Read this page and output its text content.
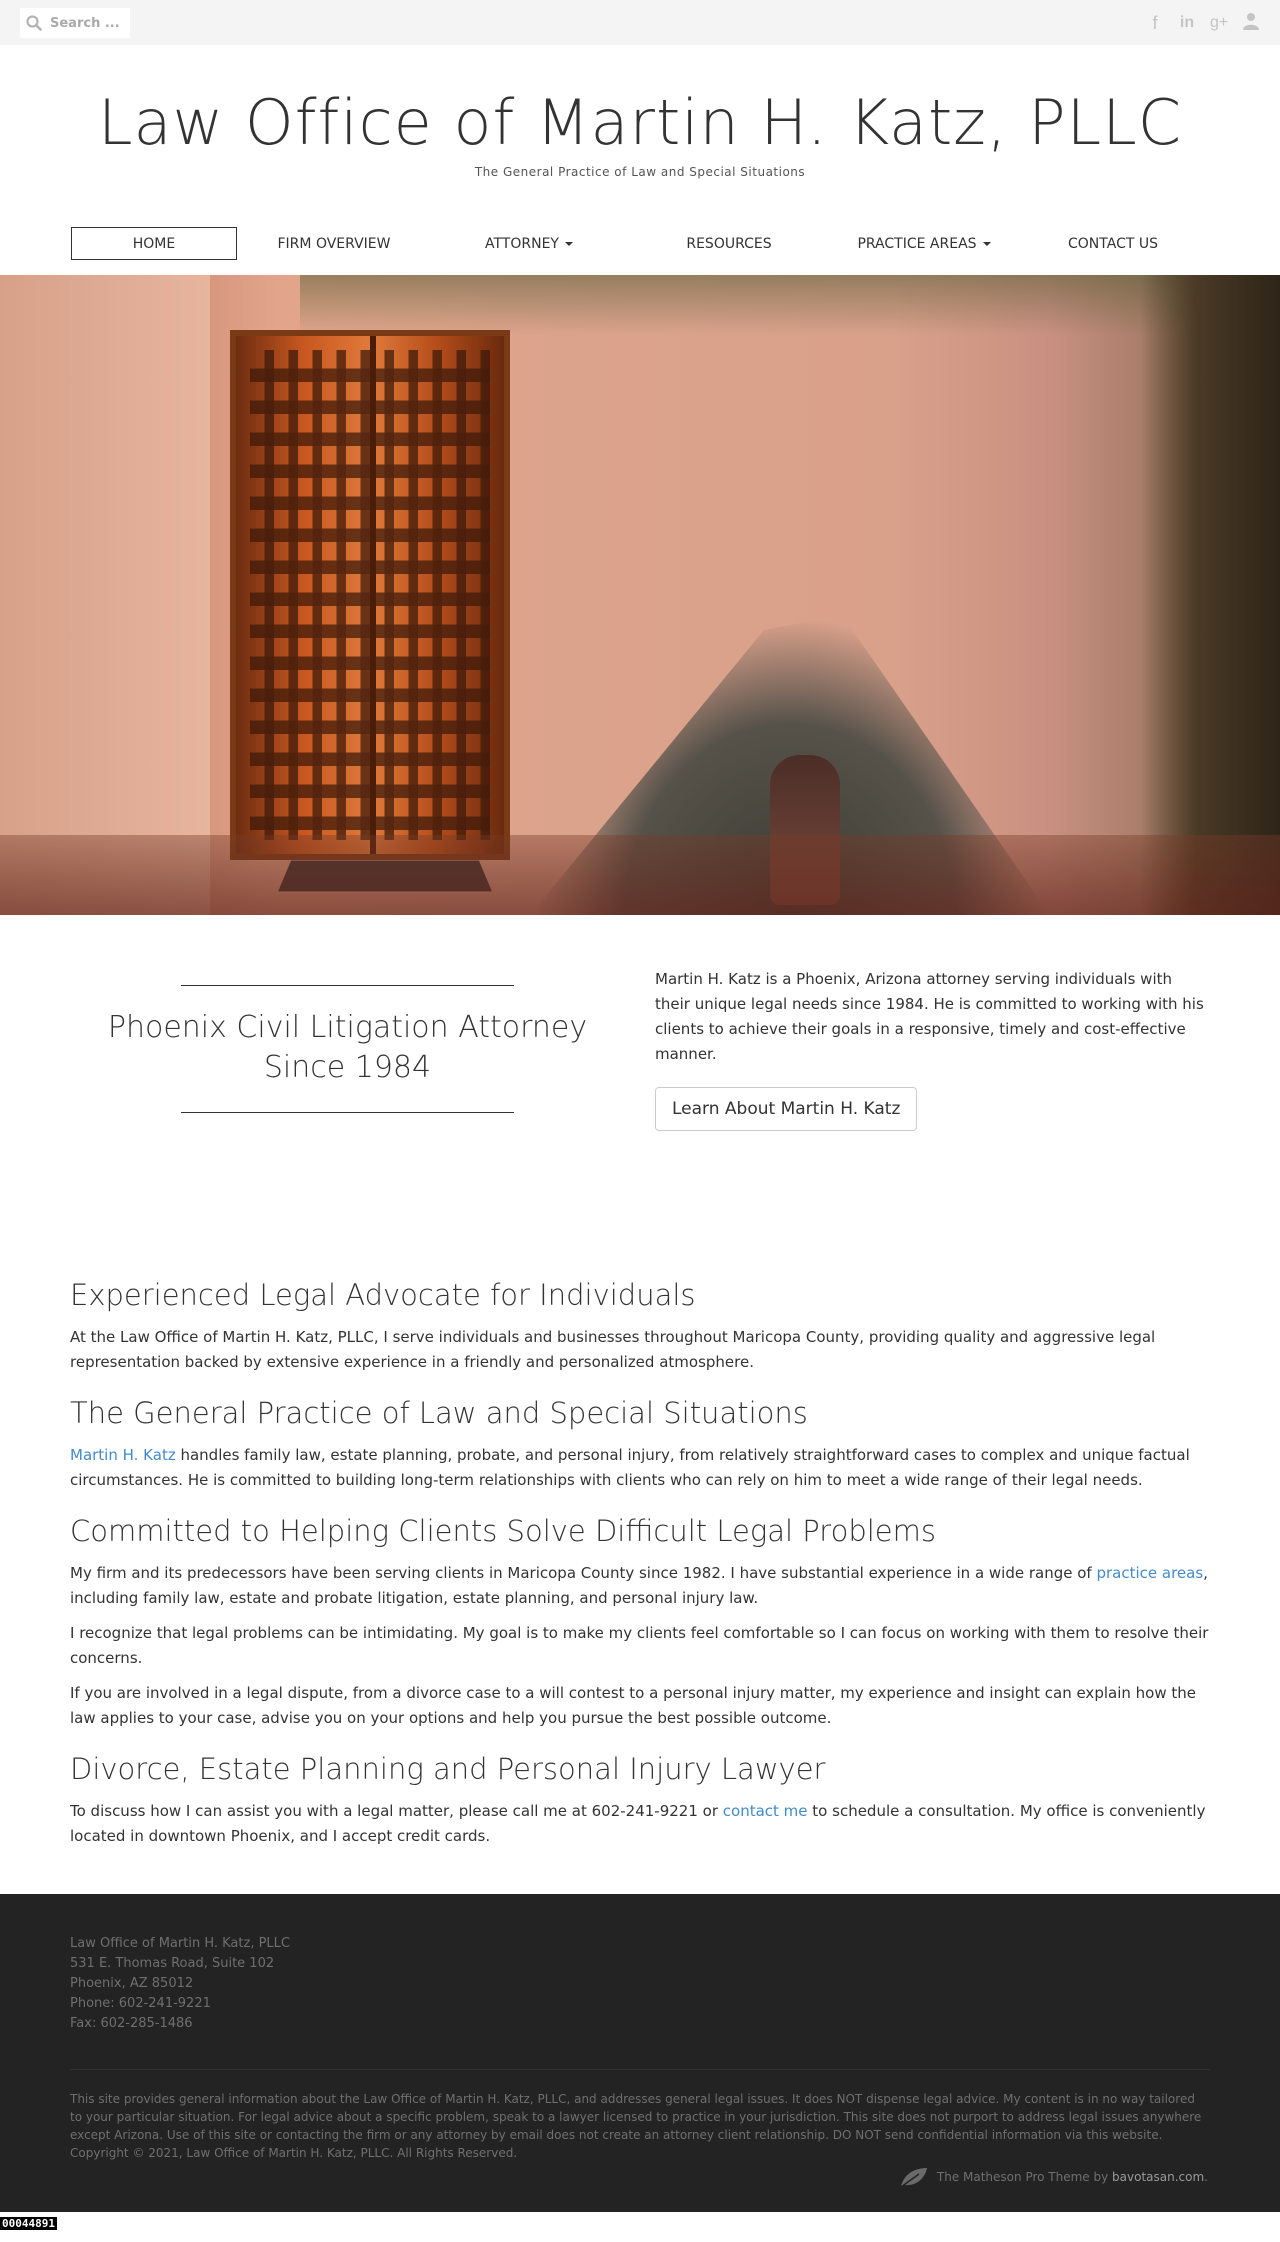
Search ...
f	in g+
Law Office of Martin H. Katz, PLLC
The General Practice of Law and Special Situations
HOME	FIRM OVERVIEW	ATTORNEY	RESOURCES	PRACTICE AREAS	CONTACT US
Phoenix Civil Litigation Attorney Since 1984

Martin H. Katz is a Phoenix, Arizona attorney serving individuals with their unique legal needs since 1984. He is committed to working with his clients to achieve their goals in a responsive, timely and cost-effective manner.

Learn About Martin H. Katz
Experienced Legal Advocate for Individuals

At the Law Office of Martin H. Katz, PLLC, I serve individuals and businesses throughout Maricopa County, providing quality and aggressive legal representation backed by extensive experience in a friendly and personalized atmosphere.

The General Practice of Law and Special Situations

Martin H. Katz handles family law, estate planning, probate, and personal injury, from relatively straightforward cases to complex and unique factual circumstances. He is committed to building long-term relationships with clients who can rely on him to meet a wide range of their legal needs.

Committed to Helping Clients Solve Difficult Legal Problems

My firm and its predecessors have been serving clients in Maricopa County since 1982. I have substantial experience in a wide range of practice areas, including family law, estate and probate litigation, estate planning, and personal injury law.

I recognize that legal problems can be intimidating. My goal is to make my clients feel comfortable so I can focus on working with them to resolve their concerns.

If you are involved in a legal dispute, from a divorce case to a will contest to a personal injury matter, my experience and insight can explain how the law applies to your case, advise you on your options and help you pursue the best possible outcome.

Divorce, Estate Planning and Personal Injury Lawyer

To discuss how I can assist you with a legal matter, please call me at 602-241-9221 or contact me to schedule a consultation. My office is conveniently located in downtown Phoenix, and I accept credit cards.

Law Office of Martin H. Katz, PLLC
531 E. Thomas Road, Suite 102
Phoenix, AZ 85012
Phone: 602-241-9221
Fax: 602-285-1486
This site provides general information about the Law Office of Martin H. Katz, PLLC, and addresses general legal issues. It does NOT dispense legal advice. My content is in no way tailored to your particular situation. For legal advice about a specific problem, speak to a lawyer licensed to practice in your jurisdiction. This site does not purport to address legal issues anywhere except Arizona. Use of this site or contacting the firm or any attorney by email does not create an attorney client relationship. DO NOT send confidential information via this website.
Copyright © 2021, Law Office of Martin H. Katz, PLLC. All Rights Reserved.
The Matheson Pro Theme by bavotasan.com.
00044891
